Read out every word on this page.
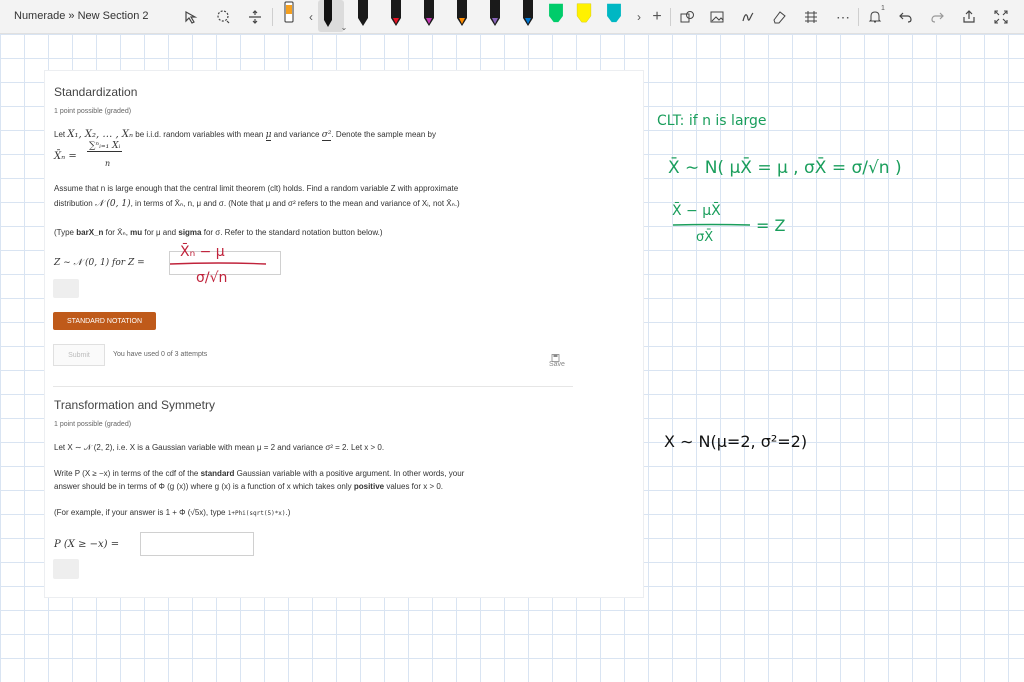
Numerade » New Section 2	‹
⌄
› +	⋯	1
Standardization
1 point possible (graded)
Let X₁, X₂, … , Xₙ be i.i.d. random variables with mean μ and variance σ². Denote the sample mean by
X̄ₙ =
∑ⁿᵢ₌₁ Xᵢ
n
Assume that n is large enough that the central limit theorem (clt) holds. Find a random variable Z with approximate
distribution 𝒩 (0, 1), in terms of X̄ₙ, n, μ and σ. (Note that μ and σ² refers to the mean and variance of Xᵢ, not X̄ₙ.)
(Type barX_n for X̄ₙ, mu for μ and sigma for σ. Refer to the standard notation button below.)
Z ∼ 𝒩 (0, 1) for Z =
STANDARD NOTATION
Submit	You have used 0 of 3 attempts
Save
Transformation and Symmetry
1 point possible (graded)
Let X ∼ 𝒩 (2, 2), i.e. X is a Gaussian variable with mean μ = 2 and variance σ² = 2. Let x > 0.
Write P (X ≥ −x) in terms of the cdf of the standard Gaussian variable with a positive argument. In other words, your
answer should be in terms of Φ (g (x)) where g (x) is a function of x which takes only positive values for x > 0.
(For example, if your answer is 1 + Φ (√5x), type 1+Phi(sqrt(5)*x).)
P (X ≥ −x) =
X̄ₙ − μ
σ/√n
CLT: if n is large
X̄ ∼ N( μX̄ = μ , σX̄ = σ/√n )
X̄ − μX̄
σX̄
= Z
X ∼ N(μ=2, σ²=2)
